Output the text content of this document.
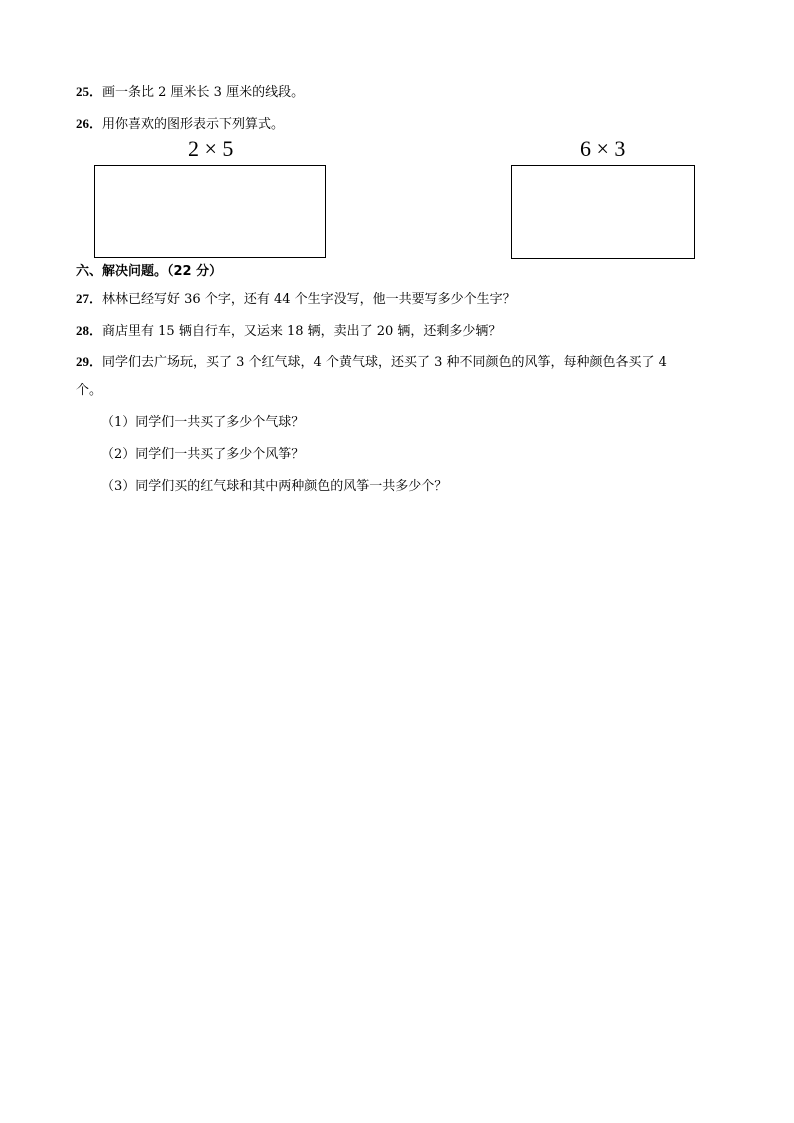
25．画一条比 2 厘米长 3 厘米的线段。
26．用你喜欢的图形表示下列算式。
2 × 5	6 × 3
六、解决问题。（22 分）
27．林林已经写好 36 个字，还有 44 个生字没写，他一共要写多少个生字？
28．商店里有 15 辆自行车，又运来 18 辆，卖出了 20 辆，还剩多少辆？
29．同学们去广场玩，买了 3 个红气球，4 个黄气球，还买了 3 种不同颜色的风筝，每种颜色各买了 4
个。
（1）同学们一共买了多少个气球？
（2）同学们一共买了多少个风筝？
（3）同学们买的红气球和其中两种颜色的风筝一共多少个？
